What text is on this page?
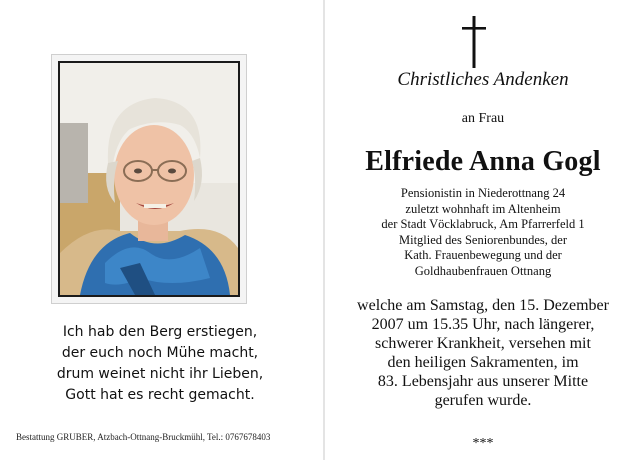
Ich hab den Berg erstiegen,
der euch noch Mühe macht,
drum weinet nicht ihr Lieben,
Gott hat es recht gemacht.
Bestattung GRUBER, Atzbach-Ottnang-Bruckmühl, Tel.: 0767678403
Christliches Andenken
an Frau
Elfriede Anna Gogl
Pensionistin in Niederottnang 24
zuletzt wohnhaft im Altenheim
der Stadt Vöcklabruck, Am Pfarrerfeld 1
Mitglied des Seniorenbundes, der
Kath. Frauenbewegung und der
Goldhaubenfrauen Ottnang
welche am Samstag, den 15. Dezember
2007 um 15.35 Uhr, nach längerer,
schwerer Krankheit, versehen mit
den heiligen Sakramenten, im
83. Lebensjahr aus unserer Mitte
gerufen wurde.
***
